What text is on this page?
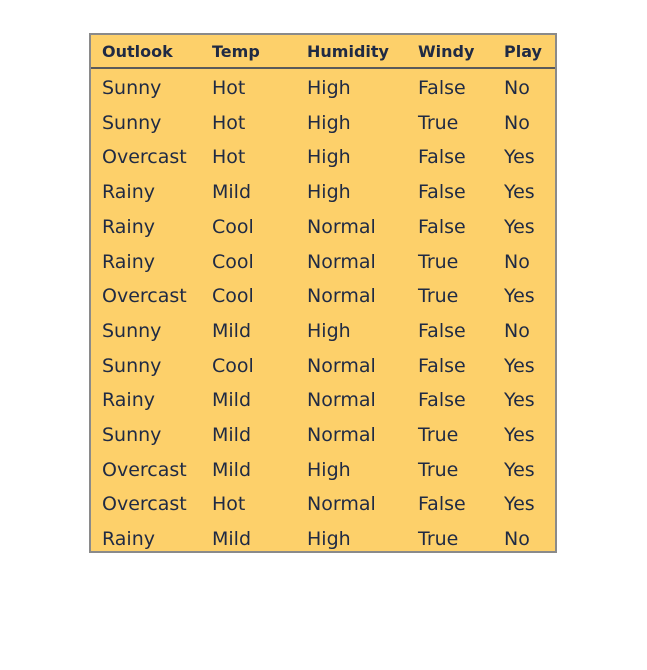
Outlook Temp	Humidity Windy Play
Sunny	Hot	High	False No
Sunny	Hot	High	True No
Overcast Hot	High	False Yes
Rainy	Mild	High	False Yes
Rainy	Cool	Normal False Yes
Rainy	Cool	Normal True No
Overcast Cool	Normal True Yes
Sunny	Mild	High	False No
Sunny	Cool	Normal False Yes
Rainy	Mild	Normal False Yes
Sunny	Mild	Normal True Yes
Overcast Mild	High	True Yes
Overcast Hot	Normal False Yes
Rainy	Mild	High	True No
